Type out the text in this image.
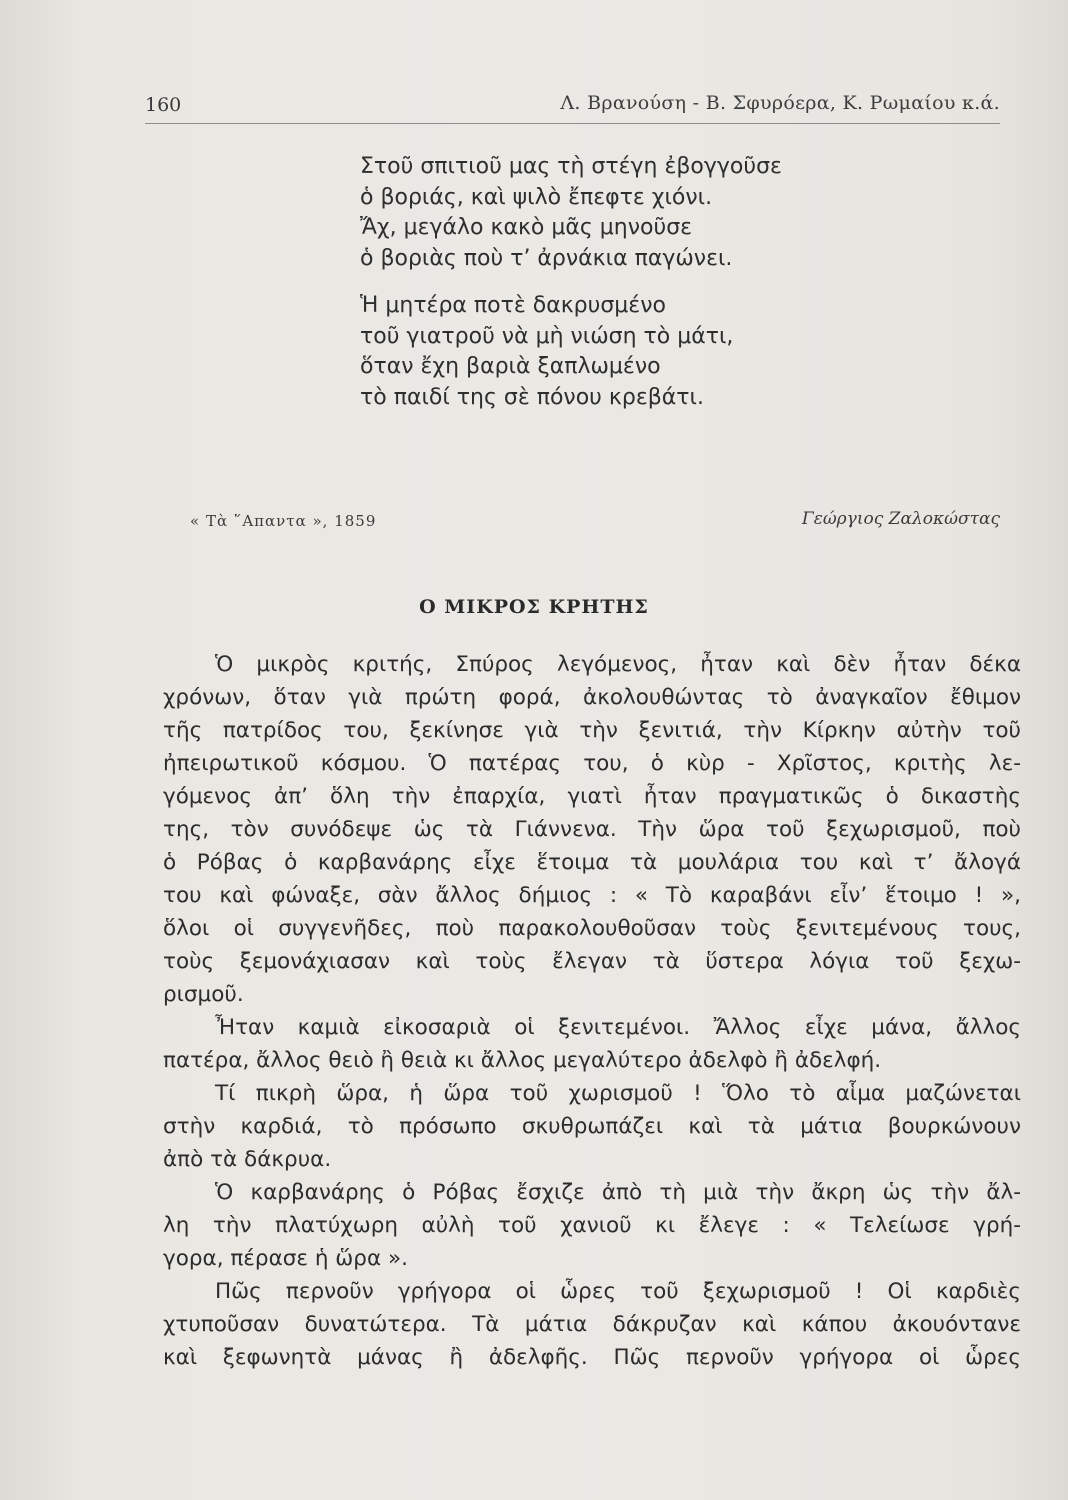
160	Λ. Βρανούση - Β. Σφυρόερα, Κ. Ρωμαίου κ.ά.
Στοῦ σπιτιοῦ μας τὴ στέγη ἐβογγοῦσε
ὁ βοριάς, καὶ ψιλὸ ἔπεφτε χιόνι.
Ἄχ, μεγάλο κακὸ μᾶς μηνοῦσε
ὁ βοριὰς ποὺ τ’ ἀρνάκια παγώνει.
Ἡ μητέρα ποτὲ δακρυσμένο
τοῦ γιατροῦ νὰ μὴ νιώση τὸ μάτι,
ὅταν ἔχη βαριὰ ξαπλωμένο
τὸ παιδί της σὲ πόνου κρεβάτι.
« Τὰ ῞Απαντα », 1859	Γεώργιος Ζαλοκώστας
Ο ΜΙΚΡΟΣ ΚΡΗΤΗΣ
Ὁ μικρὸς κριτής, Σπύρος λεγόμενος, ἦταν καὶ δὲν ἦταν δέκα
χρόνων, ὅταν γιὰ πρώτη φορά, ἀκολουθώντας τὸ ἀναγκαῖον ἔθιμον
τῆς πατρίδος του, ξεκίνησε γιὰ τὴν ξενιτιά, τὴν Κίρκην αὐτὴν τοῦ
ἠπειρωτικοῦ κόσμου. Ὁ πατέρας του, ὁ κὺρ - Χρῖστος, κριτὴς λε-
γόμενος ἀπ’ ὅλη τὴν ἐπαρχία, γιατὶ ἦταν πραγματικῶς ὁ δικαστὴς
της, τὸν συνόδεψε ὡς τὰ Γιάννενα. Τὴν ὥρα τοῦ ξεχωρισμοῦ, ποὺ
ὁ Ρόβας ὁ καρβανάρης εἶχε ἕτοιμα τὰ μουλάρια του καὶ τ’ ἄλογά
του καὶ φώναξε, σὰν ἄλλος δήμιος : « Τὸ καραβάνι εἶν’ ἕτοιμο ! »,
ὅλοι οἱ συγγενῆδες, ποὺ παρακολουθοῦσαν τοὺς ξενιτεμένους τους,
τοὺς ξεμονάχιασαν καὶ τοὺς ἔλεγαν τὰ ὕστερα λόγια τοῦ ξεχω-
ρισμοῦ.
Ἦταν καμιὰ εἰκοσαριὰ οἱ ξενιτεμένοι. Ἄλλος εἶχε μάνα, ἄλλος
πατέρα, ἄλλος θειὸ ἢ θειὰ κι ἄλλος μεγαλύτερο ἀδελφὸ ἢ ἀδελφή.
Τί πικρὴ ὥρα, ἡ ὥρα τοῦ χωρισμοῦ ! Ὅλο τὸ αἷμα μαζώνεται
στὴν καρδιά, τὸ πρόσωπο σκυθρωπάζει καὶ τὰ μάτια βουρκώνουν
ἀπὸ τὰ δάκρυα.
Ὁ καρβανάρης ὁ Ρόβας ἔσχιζε ἀπὸ τὴ μιὰ τὴν ἄκρη ὡς τὴν ἄλ-
λη τὴν πλατύχωρη αὐλὴ τοῦ χανιοῦ κι ἔλεγε : « Τελείωσε γρή-
γορα, πέρασε ἡ ὥρα ».
Πῶς περνοῦν γρήγορα οἱ ὧρες τοῦ ξεχωρισμοῦ ! Οἱ καρδιὲς
χτυποῦσαν δυνατώτερα. Τὰ μάτια δάκρυζαν καὶ κάπου ἀκουόντανε
καὶ ξεφωνητὰ μάνας ἢ ἀδελφῆς. Πῶς περνοῦν γρήγορα οἱ ὧρες
